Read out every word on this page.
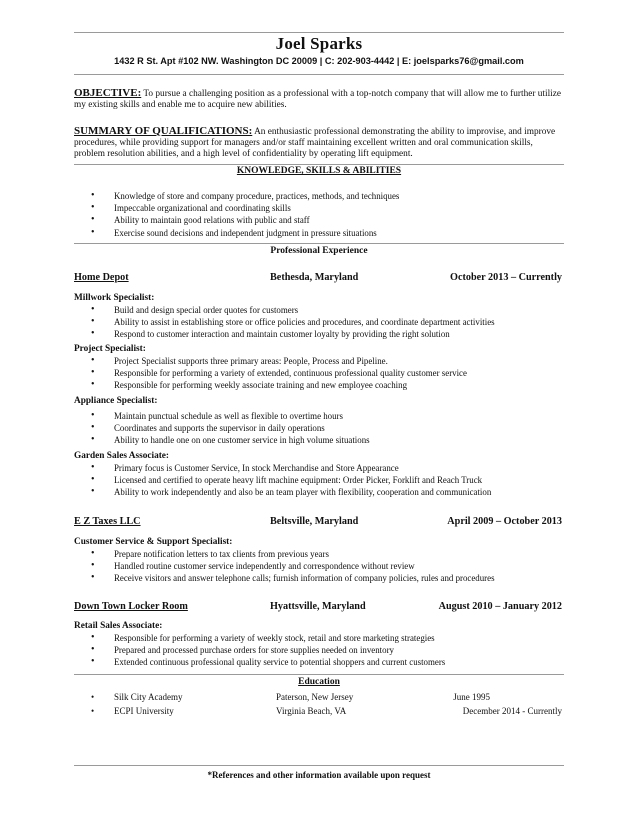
Joel Sparks
1432 R St. Apt #102 NW. Washington DC 20009 | C: 202-903-4442 | E: joelsparks76@gmail.com
OBJECTIVE: To pursue a challenging position as a professional with a top-notch company that will allow me to further utilize my existing skills and enable me to acquire new abilities.
SUMMARY OF QUALIFICATIONS: An enthusiastic professional demonstrating the ability to improvise, and improve procedures, while providing support for managers and/or staff maintaining excellent written and oral communication skills, problem resolution abilities, and a high level of confidentiality by operating lift equipment.
KNOWLEDGE, SKILLS & ABILITIES
• Knowledge of store and company procedure, practices, methods, and techniques
• Impeccable organizational and coordinating skills
• Ability to maintain good relations with public and staff
• Exercise sound decisions and independent judgment in pressure situations
Professional Experience
Home Depot	Bethesda, Maryland	October 2013 – Currently
Millwork Specialist:
• Build and design special order quotes for customers
• Ability to assist in establishing store or office policies and procedures, and coordinate department activities
• Respond to customer interaction and maintain customer loyalty by providing the right solution
Project Specialist:
• Project Specialist supports three primary areas: People, Process and Pipeline.
• Responsible for performing a variety of extended, continuous professional quality customer service
• Responsible for performing weekly associate training and new employee coaching
Appliance Specialist:
• Maintain punctual schedule as well as flexible to overtime hours
• Coordinates and supports the supervisor in daily operations
• Ability to handle one on one customer service in high volume situations
Garden Sales Associate:
• Primary focus is Customer Service, In stock Merchandise and Store Appearance
• Licensed and certified to operate heavy lift machine equipment: Order Picker, Forklift and Reach Truck
• Ability to work independently and also be an team player with flexibility, cooperation and communication
E Z Taxes LLC	Beltsville, Maryland	April 2009 – October 2013
Customer Service & Support Specialist:
• Prepare notification letters to tax clients from previous years
• Handled routine customer service independently and correspondence without review
• Receive visitors and answer telephone calls; furnish information of company policies, rules and procedures
Down Town Locker Room	Hyattsville, Maryland	August 2010 – January 2012
Retail Sales Associate:
• Responsible for performing a variety of weekly stock, retail and store marketing strategies
• Prepared and processed purchase orders for store supplies needed on inventory
• Extended continuous professional quality service to potential shoppers and current customers
Education
• Silk City Academy	Paterson, New Jersey	June 1995
• ECPI University	Virginia Beach, VA	December 2014 - Currently
*References and other information available upon request
